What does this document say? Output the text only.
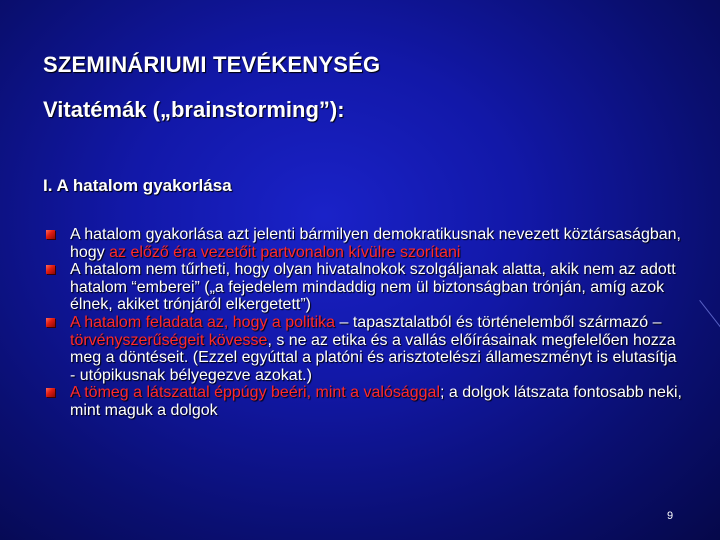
SZEMINÁRIUMI TEVÉKENYSÉG
Vitatémák („brainstorming”):
I. A hatalom gyakorlása
A hatalom gyakorlása azt jelenti bármilyen demokratikusnak nevezett köztársaságban, hogy az előző éra vezetőit partvonalon kívülre szorítani
A hatalom nem tűrheti, hogy olyan hivatalnokok szolgáljanak alatta, akik nem az adott hatalom “emberei” („a fejedelem mindaddig nem ül biztonságban trónján, amíg azok élnek, akiket trónjáról elkergetett”)
A hatalom feladata az, hogy a politika – tapasztalatból és történelemből származó – törvényszerűségeit kövesse, s ne az etika és a vallás előírásainak megfelelően hozza meg a döntéseit. (Ezzel egyúttal a platóni és arisztotelészi állameszményt is elutasítja - utópikusnak bélyegezve azokat.)
A tömeg a látszattal éppúgy beéri, mint a valósággal; a dolgok látszata fontosabb neki, mint maguk a dolgok
9
